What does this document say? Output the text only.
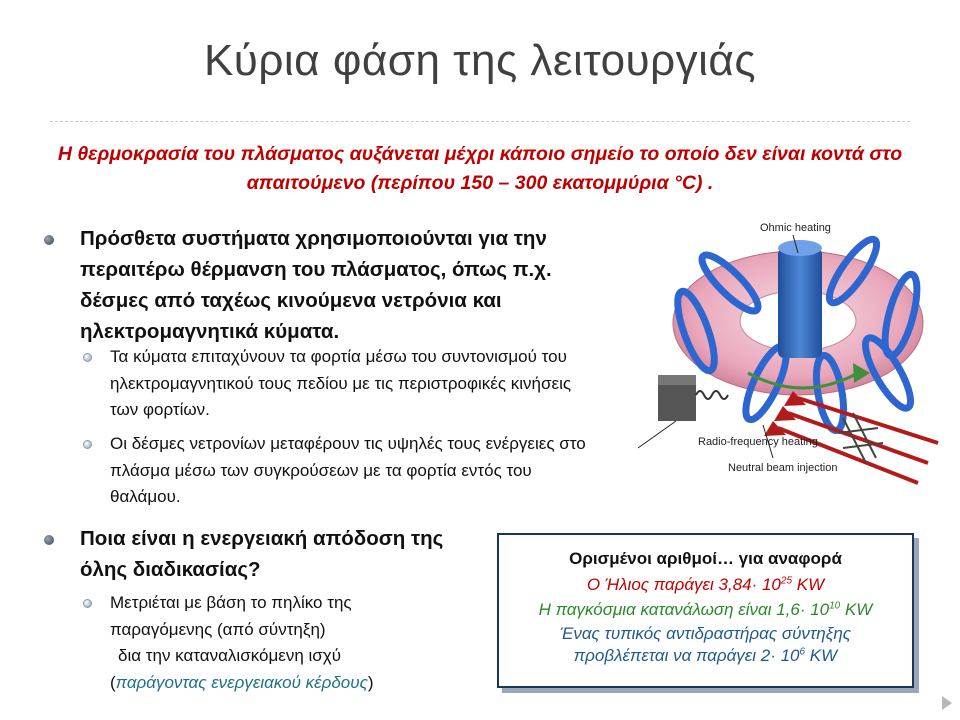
Κύρια φάση της λειτουργιάς
Η θερμοκρασία του πλάσματος αυξάνεται μέχρι κάποιο σημείο το οποίο δεν είναι κοντά στο απαιτούμενο (περίπου 150 – 300 εκατομμύρια °C) .
Πρόσθετα συστήματα χρησιμοποιούνται για την περαιτέρω θέρμανση του πλάσματος, όπως π.χ. δέσμες από ταχέως κινούμενα νετρόνια και ηλεκτρομαγνητικά κύματα.
Τα κύματα επιταχύνουν τα φορτία μέσω του συντονισμού του ηλεκτρομαγνητικού τους πεδίου με τις περιστροφικές κινήσεις των φορτίων.
Οι δέσμες νετρονίων μεταφέρουν τις υψηλές τους ενέργειες στο πλάσμα μέσω των συγκρούσεων με τα φορτία εντός του θαλάμου.
Ποια είναι η ενεργειακή απόδοση της όλης διαδικασίας?
Μετριέται με βάση το πηλίκο της
παραγόμενης (από σύντηξη)
δια την καταναλισκόμενη ισχύ
(παράγοντας ενεργειακού κέρδους)
Ohmic heating
Radio-frequency heating
Neutral beam injection
Ορισμένοι αριθμοί… για αναφορά
Ο Ήλιος παράγει $3,84\cdot 10^{25}$ KW
Η παγκόσμια κατανάλωση είναι $1,6\cdot 10^{10}$ KW
Ένας τυπικός αντιδραστήρας σύντηξης
προβλέπεται να παράγει $2\cdot 10^6$ KW
